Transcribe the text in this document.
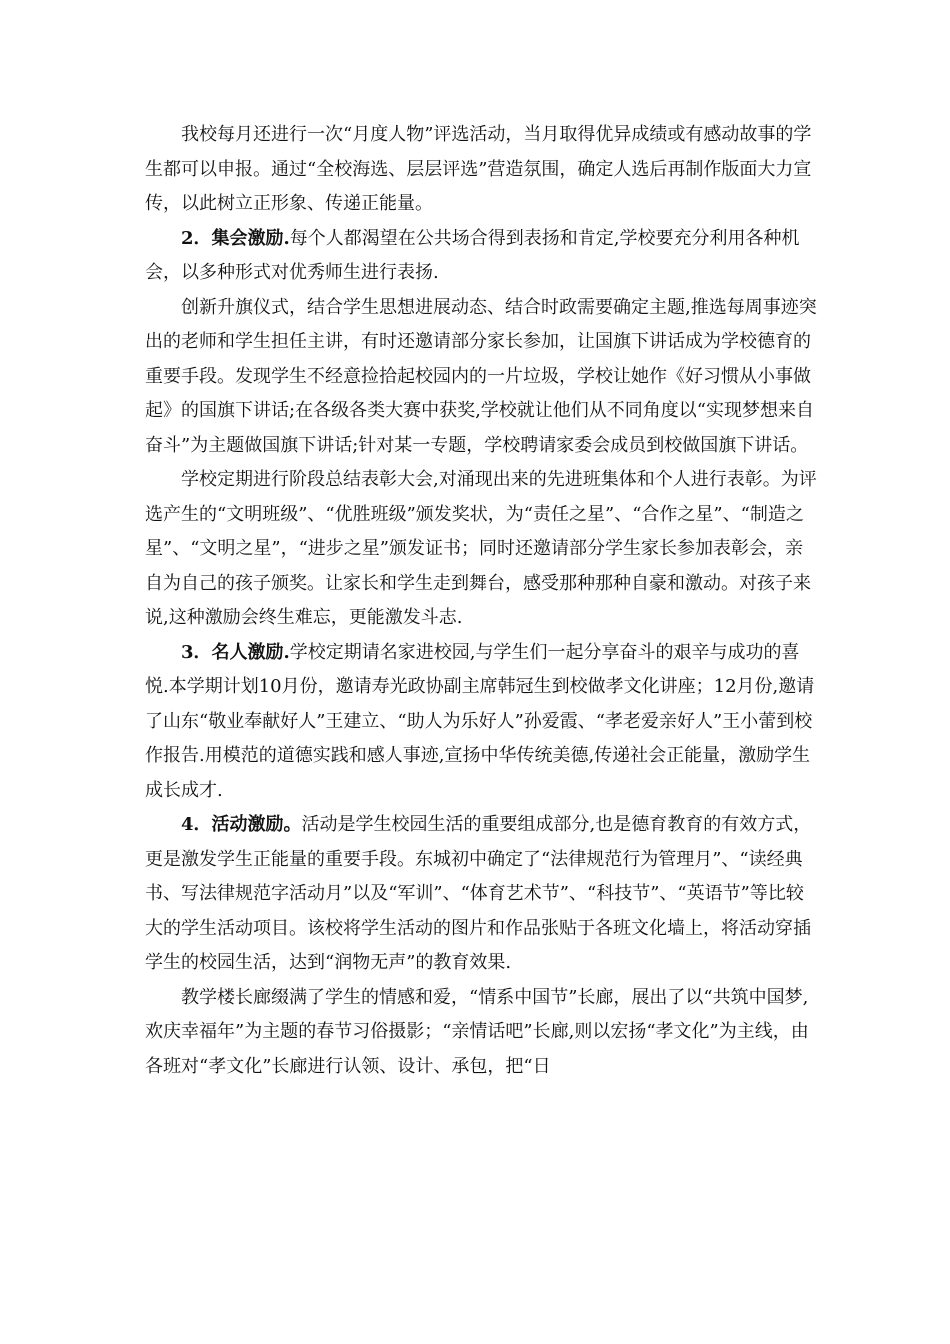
我校每月还进行一次“月度人物”评选活动，当月取得优异成绩或有感动故事的学生都可以申报。通过“全校海选、层层评选”营造氛围，确定人选后再制作版面大力宣传，以此树立正形象、传递正能量。

2．集会激励.每个人都渴望在公共场合得到表扬和肯定,学校要充分利用各种机会，以多种形式对优秀师生进行表扬.

创新升旗仪式，结合学生思想进展动态、结合时政需要确定主题,推选每周事迹突出的老师和学生担任主讲，有时还邀请部分家长参加，让国旗下讲话成为学校德育的重要手段。发现学生不经意捡拾起校园内的一片垃圾，学校让她作《好习惯从小事做起》的国旗下讲话;在各级各类大赛中获奖,学校就让他们从不同角度以“实现梦想来自奋斗”为主题做国旗下讲话;针对某一专题，学校聘请家委会成员到校做国旗下讲话。

学校定期进行阶段总结表彰大会,对涌现出来的先进班集体和个人进行表彰。为评选产生的“文明班级”、“优胜班级”颁发奖状，为“责任之星”、“合作之星”、“制造之星”、“文明之星”，“进步之星”颁发证书；同时还邀请部分学生家长参加表彰会，亲自为自己的孩子颁奖。让家长和学生走到舞台，感受那种那种自豪和激动。对孩子来说,这种激励会终生难忘，更能激发斗志.

3．名人激励.学校定期请名家进校园,与学生们一起分享奋斗的艰辛与成功的喜悦.本学期计划10月份，邀请寿光政协副主席韩冠生到校做孝文化讲座；12月份,邀请了山东“敬业奉献好人”王建立、“助人为乐好人”孙爱霞、“孝老爱亲好人”王小蕾到校作报告.用模范的道德实践和感人事迹,宣扬中华传统美德,传递社会正能量，激励学生成长成才.

4．活动激励。活动是学生校园生活的重要组成部分,也是德育教育的有效方式，更是激发学生正能量的重要手段。东城初中确定了“法律规范行为管理月”、“读经典书、写法律规范字活动月”以及“军训”、“体育艺术节”、“科技节”、“英语节”等比较大的学生活动项目。该校将学生活动的图片和作品张贴于各班文化墙上，将活动穿插学生的校园生活，达到“润物无声”的教育效果.

教学楼长廊缀满了学生的情感和爱，“情系中国节”长廊，展出了以“共筑中国梦,欢庆幸福年”为主题的春节习俗摄影；“亲情话吧”长廊,则以宏扬“孝文化”为主线，由各班对“孝文化”长廊进行认领、设计、承包，把“日
